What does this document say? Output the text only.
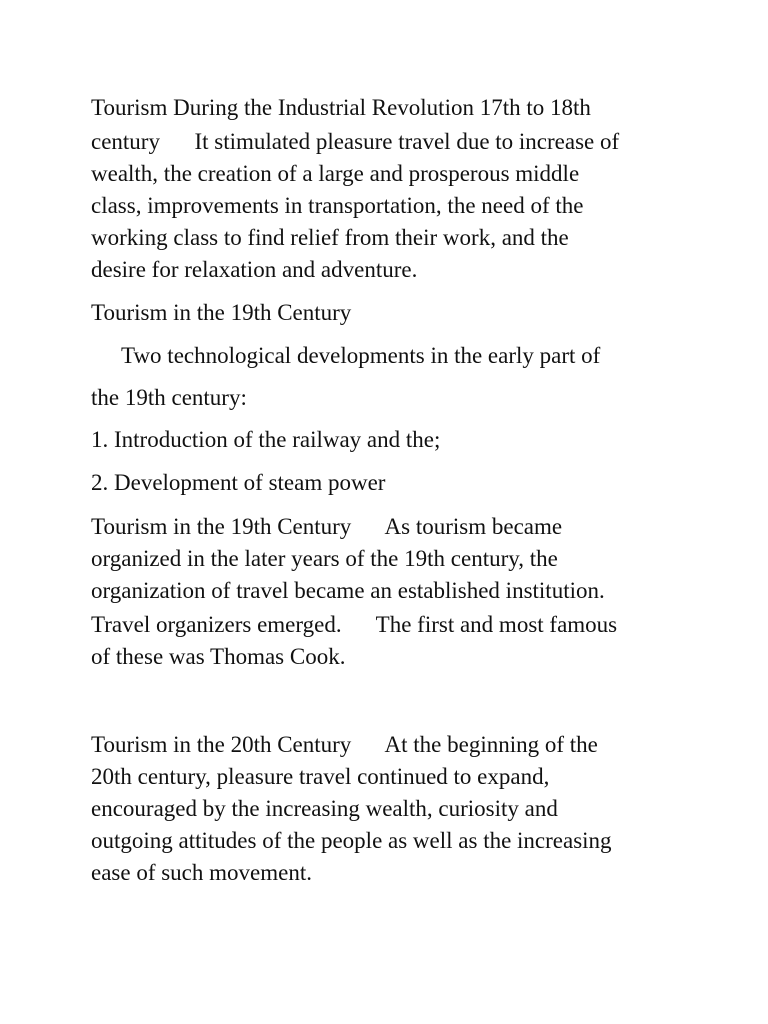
Tourism During the Industrial Revolution 17th to 18th

century      It stimulated pleasure travel due to increase of

wealth, the creation of a large and prosperous middle

class, improvements in transportation, the need of the

working class to find relief from their work, and the

desire for relaxation and adventure.

Tourism in the 19th Century

Two technological developments in the early part of

the 19th century:

1. Introduction of the railway and the;

2. Development of steam power

Tourism in the 19th Century      As tourism became

organized in the later years of the 19th century, the

organization of travel became an established institution.

Travel organizers emerged.      The first and most famous

of these was Thomas Cook.

Tourism in the 20th Century      At the beginning of the

20th century, pleasure travel continued to expand,

encouraged by the increasing wealth, curiosity and

outgoing attitudes of the people as well as the increasing

ease of such movement.
